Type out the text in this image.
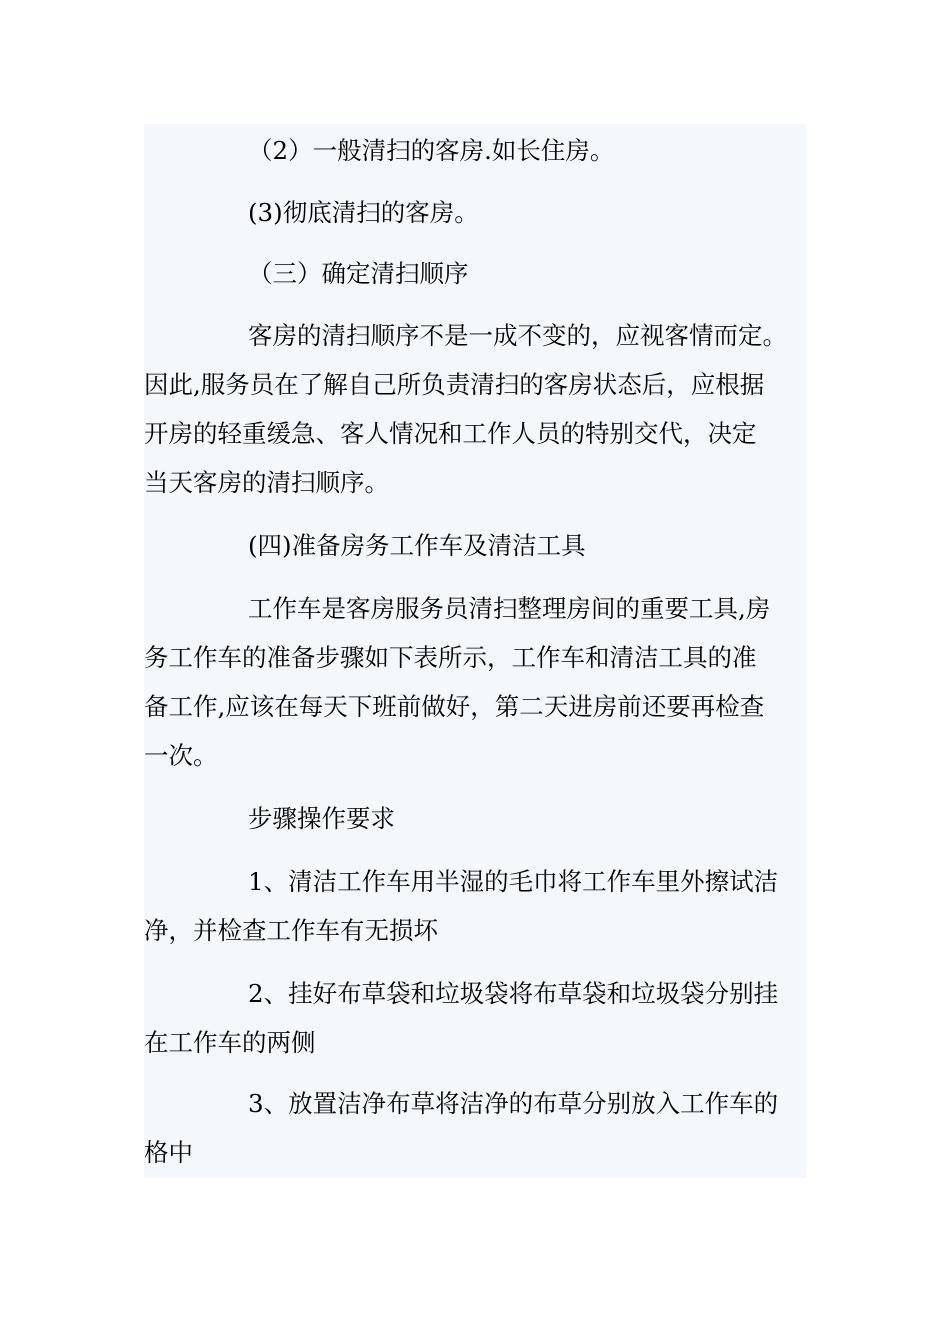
（2）一般清扫的客房.如长住房。
(3)彻底清扫的客房。
（三）确定清扫顺序
客房的清扫顺序不是一成不变的，应视客情而定。
因此,服务员在了解自己所负责清扫的客房状态后，应根据
开房的轻重缓急、客人情况和工作人员的特别交代，决定
当天客房的清扫顺序。
(四)准备房务工作车及清洁工具
工作车是客房服务员清扫整理房间的重要工具,房
务工作车的准备步骤如下表所示，工作车和清洁工具的准
备工作,应该在每天下班前做好，第二天进房前还要再检查
一次。
步骤操作要求
1、清洁工作车用半湿的毛巾将工作车里外擦试洁
净，并检查工作车有无损坏
2、挂好布草袋和垃圾袋将布草袋和垃圾袋分别挂
在工作车的两侧
3、放置洁净布草将洁净的布草分别放入工作车的
格中
